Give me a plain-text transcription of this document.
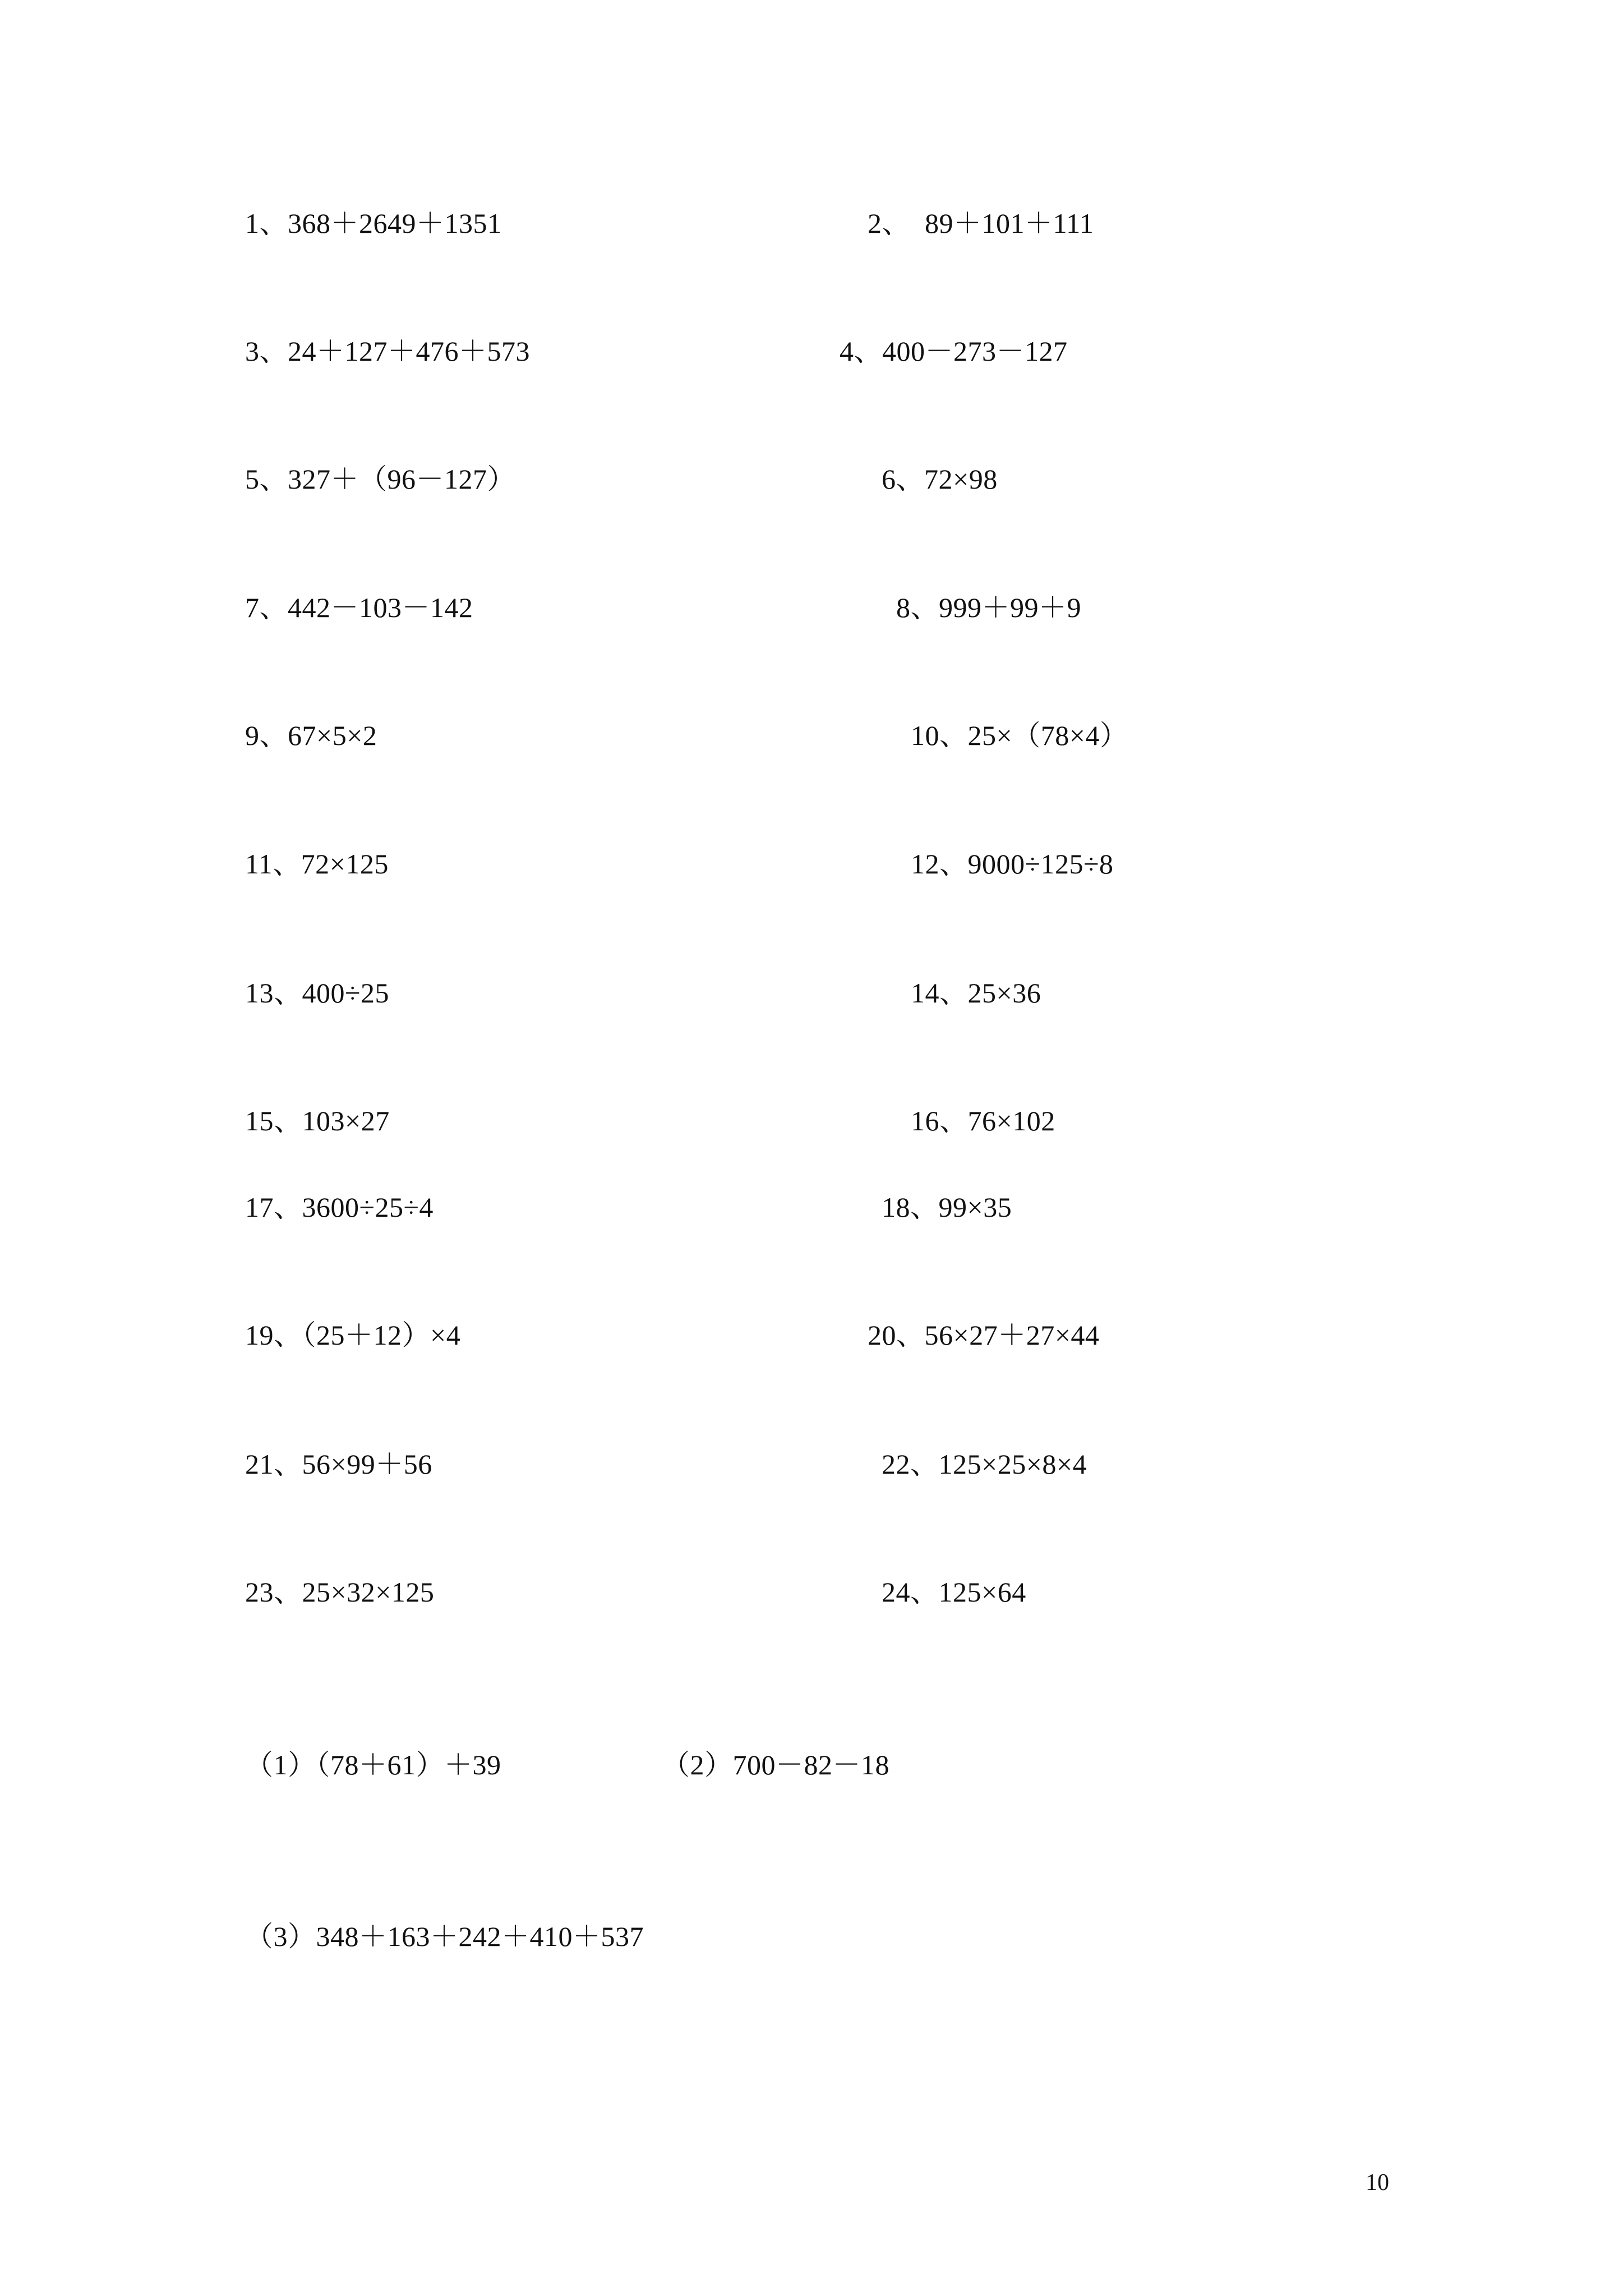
1、368＋2649＋1351	2、  89＋101＋111
3、24＋127＋476＋573	4、400－273－127
5、327＋（96－127）	6、72×98
7、442－103－142	8、999＋99＋9
9、67×5×2	10、25×（78×4）
11、72×125	12、9000÷125÷8
13、400÷25	14、25×36
15、103×27	16、76×102
17、3600÷25÷4	18、99×35
19、（25＋12）×4	20、56×27＋27×44
21、56×99＋56	22、125×25×8×4
23、25×32×125	24、125×64
（1）（78＋61）＋39	（2）700－82－18
（3）348＋163＋242＋410＋537
10
